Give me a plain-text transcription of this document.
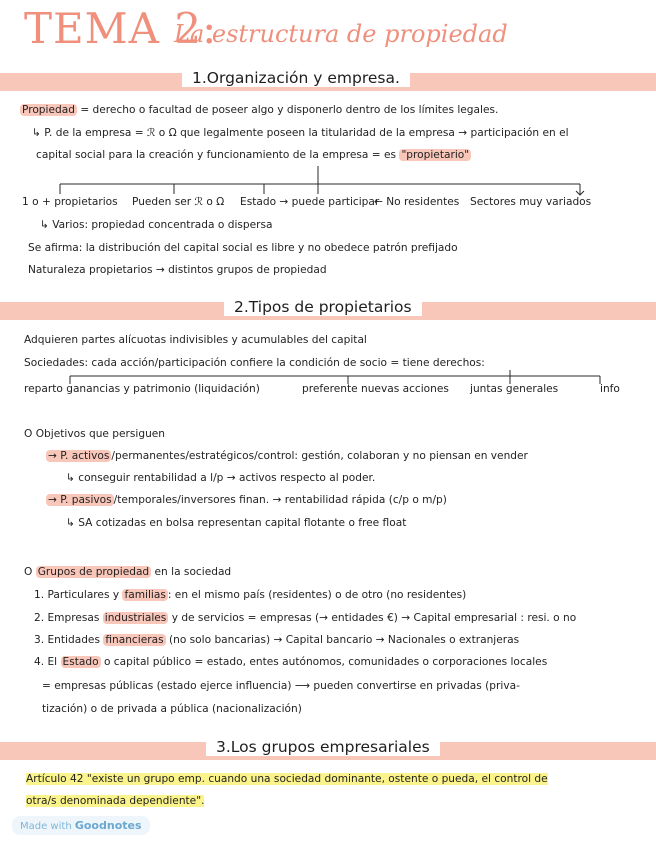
TEMA 2:
La estructura de propiedad
1.Organización y empresa.
Propiedad = derecho o facultad de poseer algo y disponerlo dentro de los límites legales.
↳ P. de la empresa = ℛ o Ω que legalmente poseen la titularidad de la empresa → participación en el
capital social para la creación y funcionamiento de la empresa = es "propietario"
1 o + propietarios Pueden ser ℛ o Ω Estado → puede participar
← No residentes Sectores muy variados
↳ Varios: propiedad concentrada o dispersa
Se afirma: la distribución del capital social es libre y no obedece patrón prefijado
Naturaleza propietarios → distintos grupos de propiedad
2.Tipos de propietarios
Adquieren partes alícuotas indivisibles y acumulables del capital
Sociedades: cada acción/participación confiere la condición de socio = tiene derechos:
reparto ganancias y patrimonio (liquidación)	preferente nuevas acciones juntas generales	info
O Objetivos que persiguen
→ P. activos /permanentes/estratégicos/control: gestión, colaboran y no piensan en vender
↳ conseguir rentabilidad a l/p → activos respecto al poder.
→ P. pasivos /temporales/inversores finan. → rentabilidad rápida (c/p o m/p)
↳ SA cotizadas en bolsa representan capital flotante o free float
O Grupos de propiedad en la sociedad
1. Particulares y familias : en el mismo país (residentes) o de otro (no residentes)
2. Empresas industriales y de servicios = empresas (→ entidades €) → Capital empresarial : resi. o no
3. Entidades financieras (no solo bancarias) → Capital bancario → Nacionales o extranjeras
4. El Estado o capital público = estado, entes autónomos, comunidades o corporaciones locales
= empresas públicas (estado ejerce influencia) ⟶ pueden convertirse en privadas (priva-
tización) o de privada a pública (nacionalización)
3.Los grupos empresariales
Artículo 42 "existe un grupo emp. cuando una sociedad dominante, ostente o pueda, el control de
otra/s denominada dependiente".
Made with Goodnotes
